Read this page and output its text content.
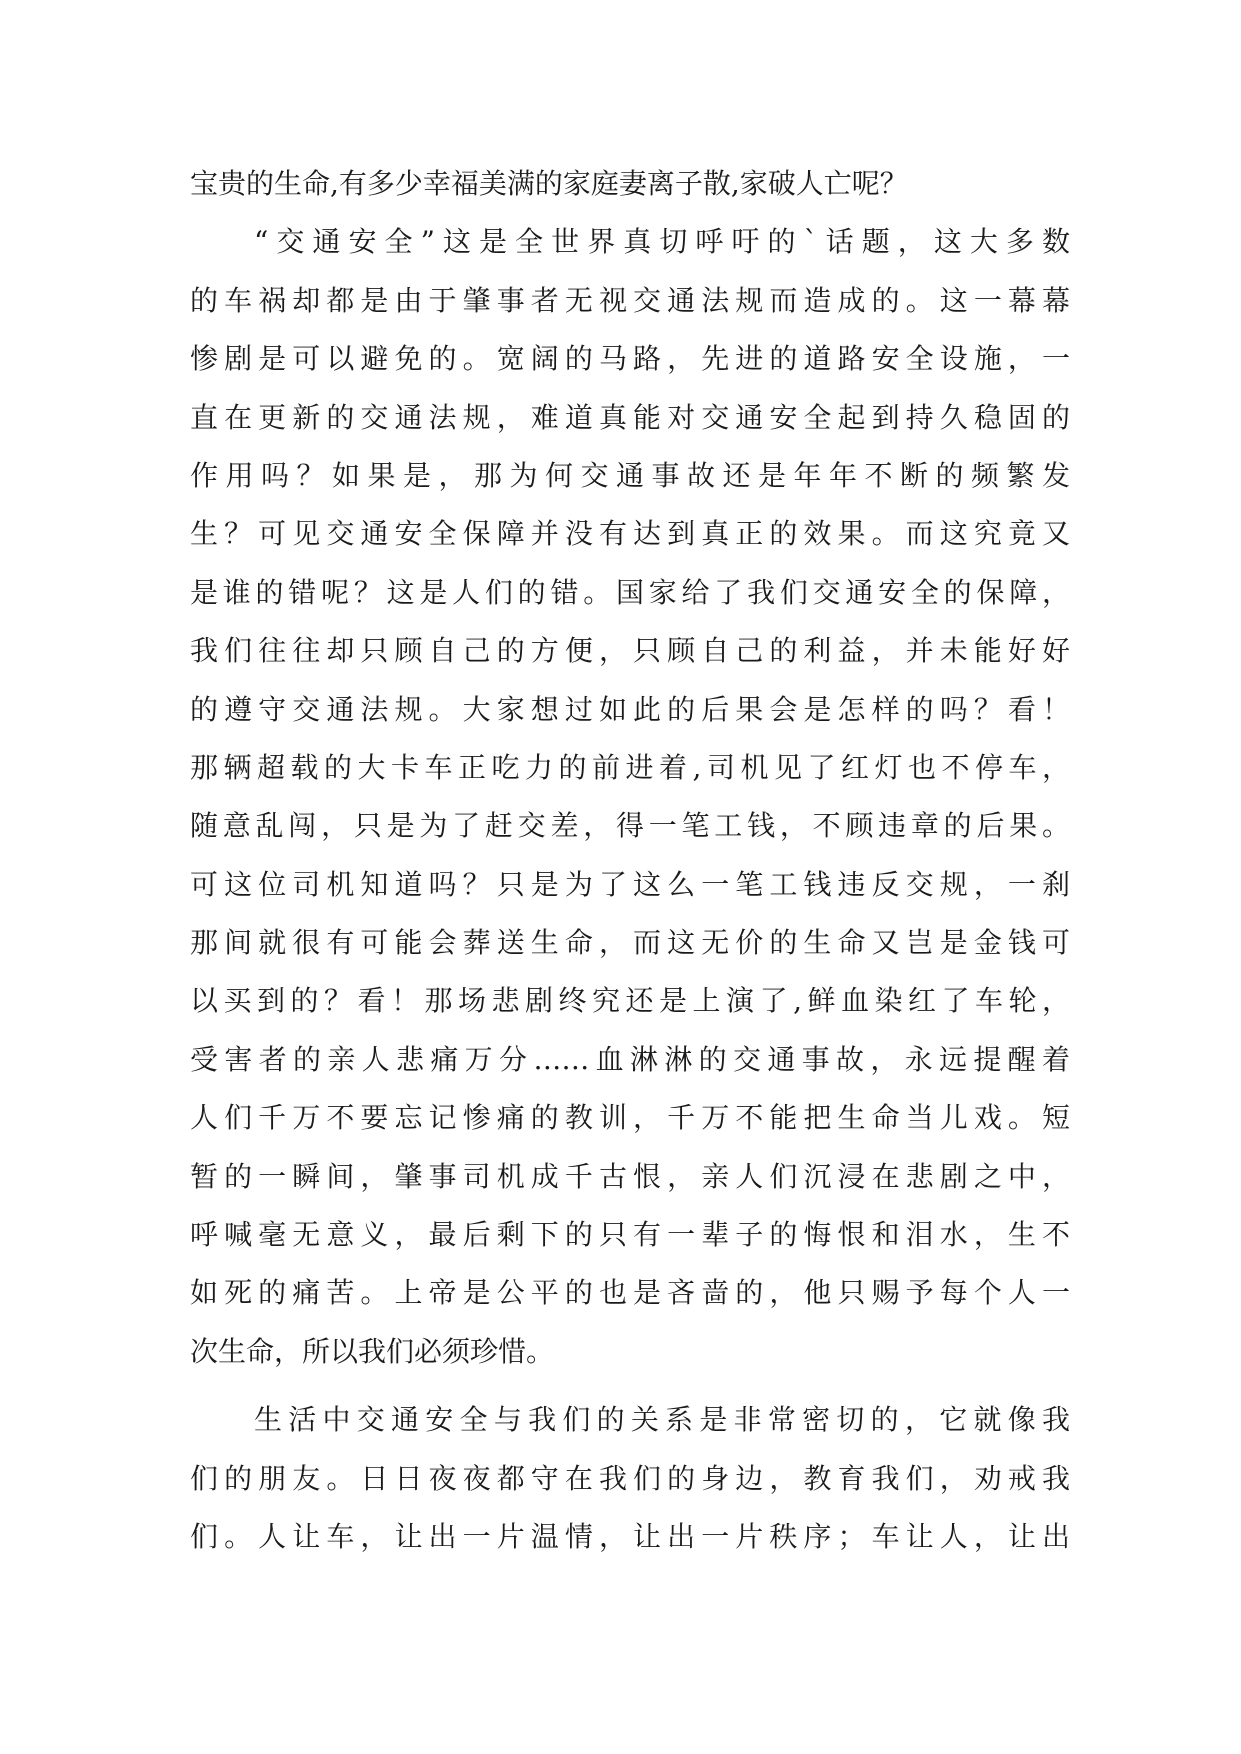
宝贵的生命,有多少幸福美满的家庭妻离子散,家破人亡呢？
“交通安全”这是全世界真切呼吁的`话题，这大多数
的车祸却都是由于肇事者无视交通法规而造成的。这一幕幕
惨剧是可以避免的。宽阔的马路，先进的道路安全设施，一
直在更新的交通法规，难道真能对交通安全起到持久稳固的
作用吗？如果是，那为何交通事故还是年年不断的频繁发
生？可见交通安全保障并没有达到真正的效果。而这究竟又
是谁的错呢？这是人们的错。国家给了我们交通安全的保障，
我们往往却只顾自己的方便，只顾自己的利益，并未能好好
的遵守交通法规。大家想过如此的后果会是怎样的吗？看！
那辆超载的大卡车正吃力的前进着,司机见了红灯也不停车，
随意乱闯，只是为了赶交差，得一笔工钱，不顾违章的后果。
可这位司机知道吗？只是为了这么一笔工钱违反交规，一刹
那间就很有可能会葬送生命，而这无价的生命又岂是金钱可
以买到的？看！那场悲剧终究还是上演了,鲜血染红了车轮，
受害者的亲人悲痛万分……血淋淋的交通事故，永远提醒着
人们千万不要忘记惨痛的教训，千万不能把生命当儿戏。短
暂的一瞬间，肇事司机成千古恨，亲人们沉浸在悲剧之中，
呼喊毫无意义，最后剩下的只有一辈子的悔恨和泪水，生不
如死的痛苦。上帝是公平的也是吝啬的，他只赐予每个人一
次生命，所以我们必须珍惜。
生活中交通安全与我们的关系是非常密切的，它就像我
们的朋友。日日夜夜都守在我们的身边，教育我们，劝戒我
们。人让车，让出一片温情，让出一片秩序；车让人，让出
